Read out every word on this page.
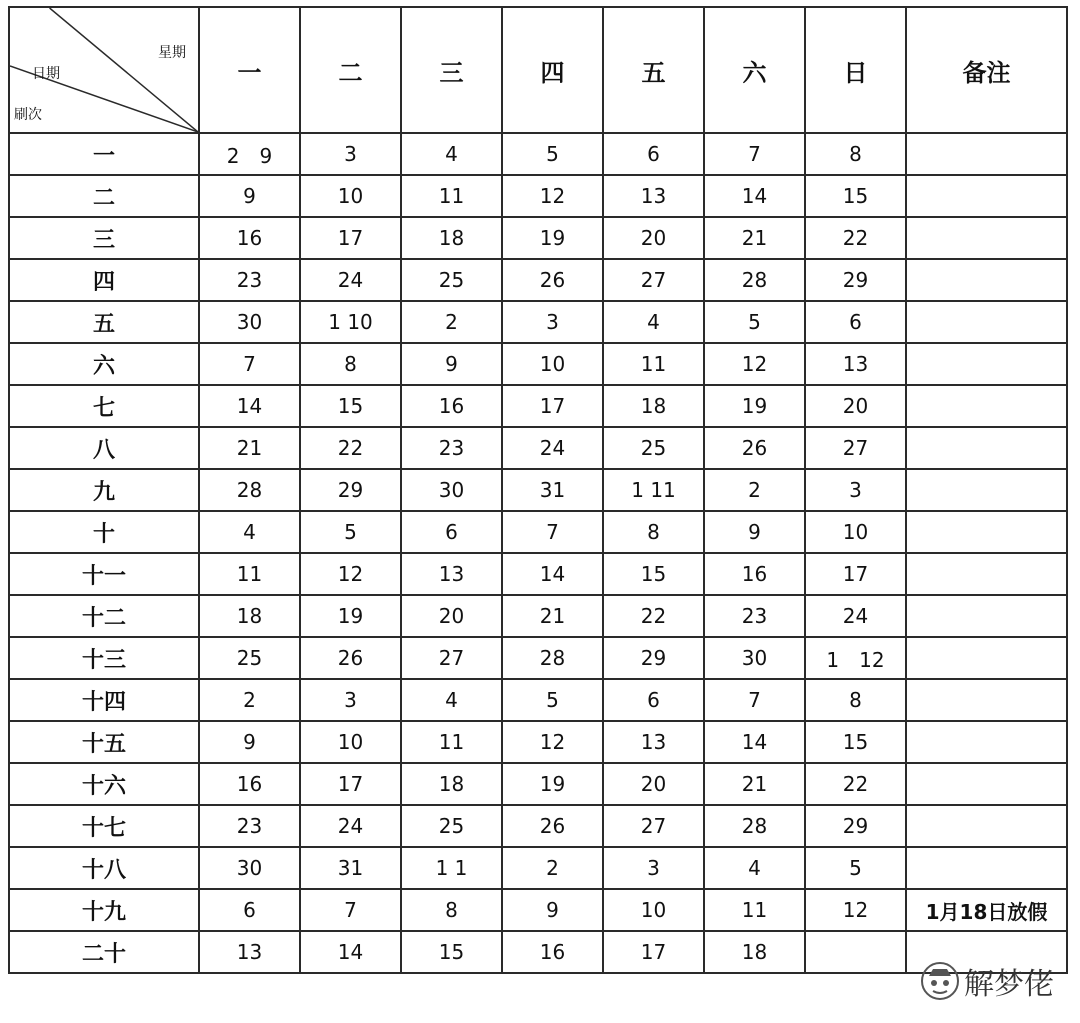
星期
日期
刷次	一	二	三	四	五	六	日	备注
一	2　9	3	4	5	6	7	8	
二	9	10	11	12	13	14	15	
三	16	17	18	19	20	21	22	
四	23	24	25	26	27	28	29	
五	30	1 10	2	3	4	5	6	
六	7	8	9	10	11	12	13	
七	14	15	16	17	18	19	20	
八	21	22	23	24	25	26	27	
九	28	29	30	31	1 11	2	3	
十	4	5	6	7	8	9	10	
十一	11	12	13	14	15	16	17	
十二	18	19	20	21	22	23	24	
十三	25	26	27	28	29	30	1　12	
十四	2	3	4	5	6	7	8	
十五	9	10	11	12	13	14	15	
十六	16	17	18	19	20	21	22	
十七	23	24	25	26	27	28	29	
十八	30	31	1 1	2	3	4	5	
十九	6	7	8	9	10	11	12	1月18日放假
二十	13	14	15	16	17	18		
解梦佬
